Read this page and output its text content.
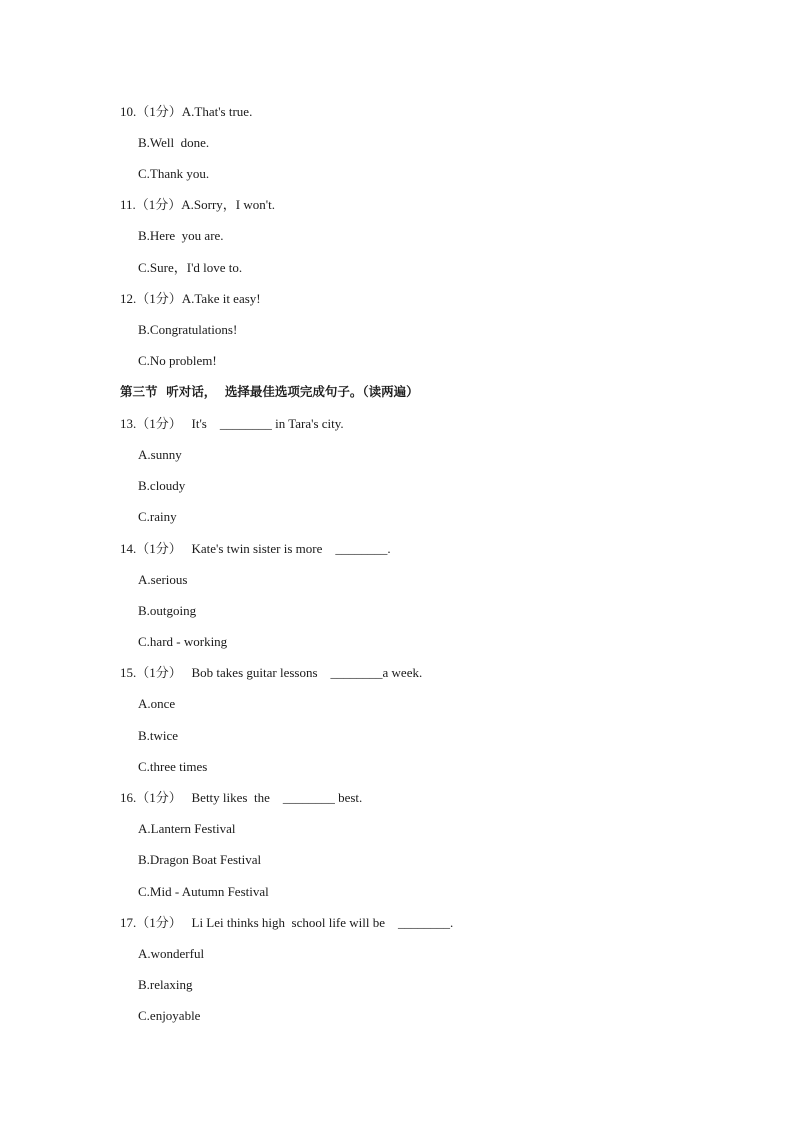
10.（1分）A.That's true.
B.Well  done.
C.Thank you.
11.（1分）A.Sorry，I won't.
B.Here  you are.
C.Sure，I'd love to.
12.（1分）A.Take it easy!
B.Congratulations!
C.No problem!
第三节  听对话，  选择最佳选项完成句子。（读两遍）
13.（1分）   It's    ________ in Tara's city.
A.sunny
B.cloudy
C.rainy
14.（1分）   Kate's twin sister is more    ________.
A.serious
B.outgoing
C.hard - working
15.（1分）   Bob takes guitar lessons    ________a week.
A.once
B.twice
C.three times
16.（1分）   Betty likes  the    ________ best.
A.Lantern Festival
B.Dragon Boat Festival
C.Mid - Autumn Festival
17.（1分）   Li Lei thinks high  school life will be    ________.
A.wonderful
B.relaxing
C.enjoyable
